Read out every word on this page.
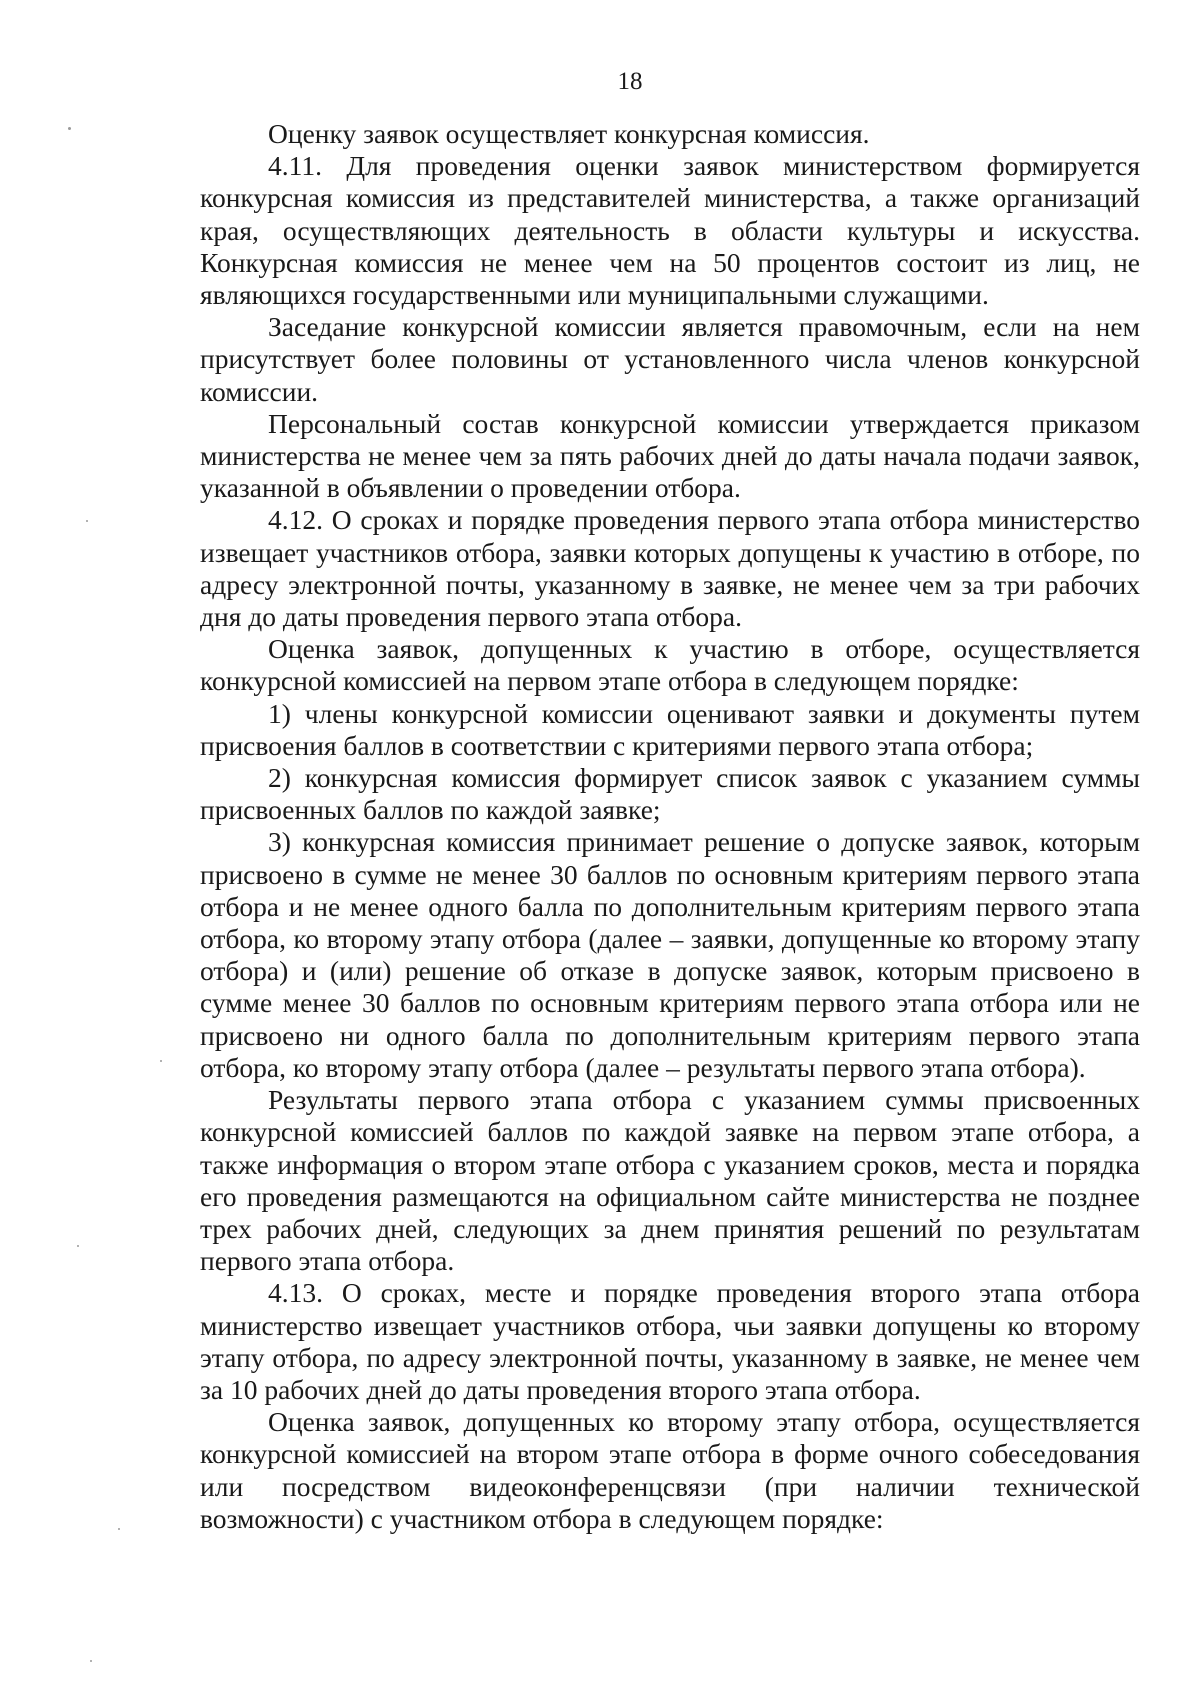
18

Оценку заявок осуществляет конкурсная комиссия.

4.11. Для проведения оценки заявок министерством формируется конкурсная комиссия из представителей министерства, а также организаций края, осуществляющих деятельность в области культуры и искусства. Конкурсная комиссия не менее чем на 50 процентов состоит из лиц, не являющихся государственными или муниципальными служащими.

Заседание конкурсной комиссии является правомочным, если на нем присутствует более половины от установленного числа членов конкурсной комиссии.

Персональный состав конкурсной комиссии утверждается приказом министерства не менее чем за пять рабочих дней до даты начала подачи заявок, указанной в объявлении о проведении отбора.

4.12. О сроках и порядке проведения первого этапа отбора министерство извещает участников отбора, заявки которых допущены к участию в отборе, по адресу электронной почты, указанному в заявке, не менее чем за три рабочих дня до даты проведения первого этапа отбора.

Оценка заявок, допущенных к участию в отборе, осуществляется конкурсной комиссией на первом этапе отбора в следующем порядке:

1) члены конкурсной комиссии оценивают заявки и документы путем присвоения баллов в соответствии с критериями первого этапа отбора;

2) конкурсная комиссия формирует список заявок с указанием суммы присвоенных баллов по каждой заявке;

3) конкурсная комиссия принимает решение о допуске заявок, которым присвоено в сумме не менее 30 баллов по основным критериям первого этапа отбора и не менее одного балла по дополнительным критериям первого этапа отбора, ко второму этапу отбора (далее – заявки, допущенные ко второму этапу отбора) и (или) решение об отказе в допуске заявок, которым присвоено в сумме менее 30 баллов по основным критериям первого этапа отбора или не присвоено ни одного балла по дополнительным критериям первого этапа отбора, ко второму этапу отбора (далее – результаты первого этапа отбора).

Результаты первого этапа отбора с указанием суммы присвоенных конкурсной комиссией баллов по каждой заявке на первом этапе отбора, а также информация о втором этапе отбора с указанием сроков, места и порядка его проведения размещаются на официальном сайте министерства не позднее трех рабочих дней, следующих за днем принятия решений по результатам первого этапа отбора.

4.13. О сроках, месте и порядке проведения второго этапа отбора министерство извещает участников отбора, чьи заявки допущены ко второму этапу отбора, по адресу электронной почты, указанному в заявке, не менее чем за 10 рабочих дней до даты проведения второго этапа отбора.

Оценка заявок, допущенных ко второму этапу отбора, осуществляется конкурсной комиссией на втором этапе отбора в форме очного собеседования или посредством видеоконференцсвязи (при наличии технической возможности) с участником отбора в следующем порядке:
